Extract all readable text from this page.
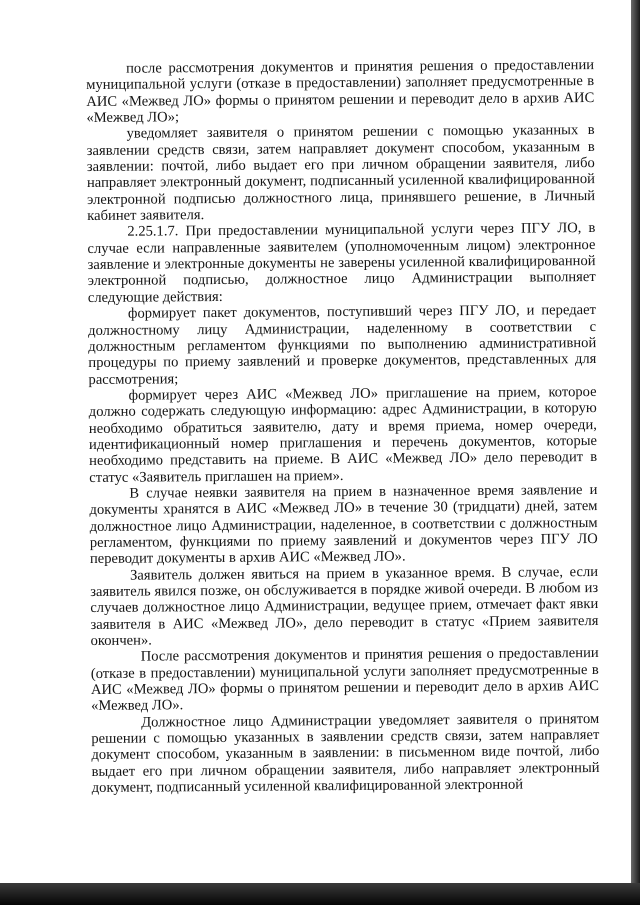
после рассмотрения документов и принятия решения о предоставлении муниципальной услуги (отказе в предоставлении) заполняет предусмотренные в АИС «Межвед ЛО» формы о принятом решении и переводит дело в архив АИС «Межвед ЛО»;

уведомляет заявителя о принятом решении с помощью указанных в заявлении средств связи, затем направляет документ способом, указанным в заявлении: почтой, либо выдает его при личном обращении заявителя, либо направляет электронный документ, подписанный усиленной квалифицированной электронной подписью должностного лица, принявшего решение, в Личный кабинет заявителя.

2.25.1.7. При предоставлении муниципальной услуги через ПГУ ЛО, в случае если направленные заявителем (уполномоченным лицом) электронное заявление и электронные документы не заверены усиленной квалифицированной электронной подписью, должностное лицо Администрации выполняет следующие действия:

формирует пакет документов, поступивший через ПГУ ЛО, и передает должностному лицу Администрации, наделенному в соответствии с должностным регламентом функциями по выполнению административной процедуры по приему заявлений и проверке документов, представленных для рассмотрения;

формирует через АИС «Межвед ЛО» приглашение на прием, которое должно содержать следующую информацию: адрес Администрации, в которую необходимо обратиться заявителю, дату и время приема, номер очереди, идентификационный номер приглашения и перечень документов, которые необходимо представить на приеме. В АИС «Межвед ЛО» дело переводит в статус «Заявитель приглашен на прием».

В случае неявки заявителя на прием в назначенное время заявление и документы хранятся в АИС «Межвед ЛО» в течение 30 (тридцати) дней, затем должностное лицо Администрации, наделенное, в соответствии с должностным регламентом, функциями по приему заявлений и документов через ПГУ ЛО переводит документы в архив АИС «Межвед ЛО».

Заявитель должен явиться на прием в указанное время. В случае, если заявитель явился позже, он обслуживается в порядке живой очереди. В любом из случаев должностное лицо Администрации, ведущее прием, отмечает факт явки заявителя в АИС «Межвед ЛО», дело переводит в статус «Прием заявителя окончен».

После рассмотрения документов и принятия решения о предоставлении (отказе в предоставлении) муниципальной услуги заполняет предусмотренные в АИС «Межвед ЛО» формы о принятом решении и переводит дело в архив АИС «Межвед ЛО».

Должностное лицо Администрации уведомляет заявителя о принятом решении с помощью указанных в заявлении средств связи, затем направляет документ способом, указанным в заявлении: в письменном виде почтой, либо выдает его при личном обращении заявителя, либо направляет электронный документ, подписанный усиленной квалифицированной электронной
